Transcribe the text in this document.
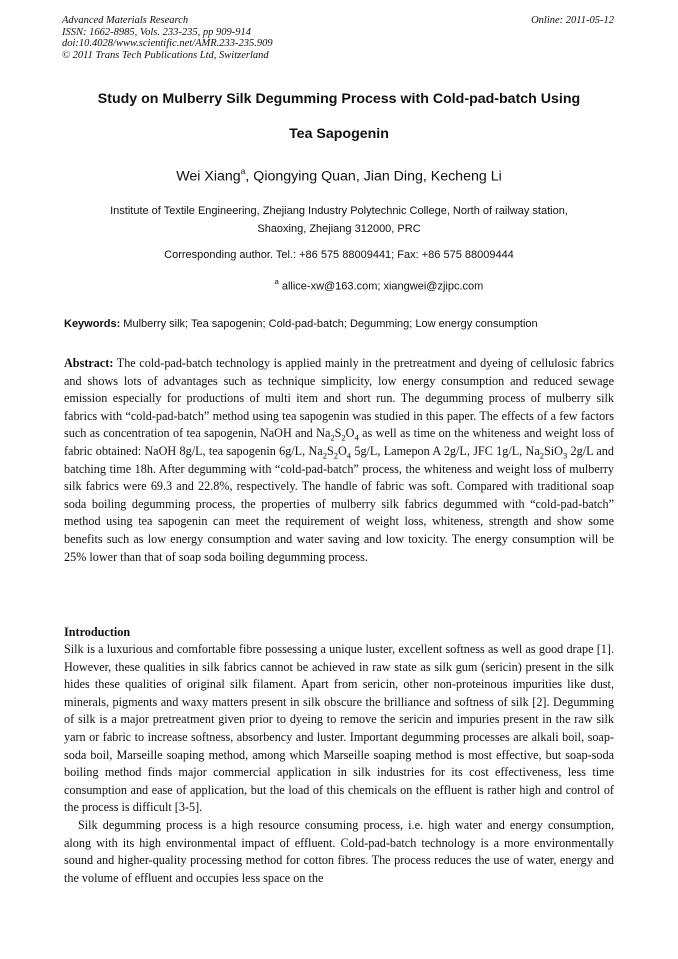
Advanced Materials Research
ISSN: 1662-8985, Vols. 233-235, pp 909-914
doi:10.4028/www.scientific.net/AMR.233-235.909
© 2011 Trans Tech Publications Ltd, Switzerland
Online: 2011-05-12
Study on Mulberry Silk Degumming Process with Cold-pad-batch Using
Tea Sapogenin
Wei Xiang$^a$, Qiongying Quan, Jian Ding, Kecheng Li
Institute of Textile Engineering, Zhejiang Industry Polytechnic College, North of railway station,
Shaoxing, Zhejiang 312000, PRC
Corresponding author. Tel.: +86 575 88009441; Fax: +86 575 88009444
$^a$ allice-xw@163.com; xiangwei@zjipc.com
Keywords: Mulberry silk; Tea sapogenin; Cold-pad-batch; Degumming; Low energy consumption
Abstract: The cold-pad-batch technology is applied mainly in the pretreatment and dyeing of cellulosic fabrics and shows lots of advantages such as technique simplicity, low energy consumption and reduced sewage emission especially for productions of multi item and short run. The degumming process of mulberry silk fabrics with “cold-pad-batch” method using tea sapogenin was studied in this paper. The effects of a few factors such as concentration of tea sapogenin, NaOH and $Na_2S_2O_4$ as well as time on the whiteness and weight loss of fabric obtained: NaOH 8g/L, tea sapogenin 6g/L, $Na_2S_2O_4$ 5g/L, Lamepon A 2g/L, JFC 1g/L, $Na_2SiO_3$ 2g/L and batching time 18h. After degumming with “cold-pad-batch” process, the whiteness and weight loss of mulberry silk fabrics were 69.3 and 22.8%, respectively. The handle of fabric was soft. Compared with traditional soap soda boiling degumming process, the properties of mulberry silk fabrics degummed with “cold-pad-batch” method using tea sapogenin can meet the requirement of weight loss, whiteness, strength and show some benefits such as low energy consumption and water saving and low toxicity. The energy consumption will be 25% lower than that of soap soda boiling degumming process.
Introduction

Silk is a luxurious and comfortable fibre possessing a unique luster, excellent softness as well as good drape [1]. However, these qualities in silk fabrics cannot be achieved in raw state as silk gum (sericin) present in the silk hides these qualities of original silk filament. Apart from sericin, other non-proteinous impurities like dust, minerals, pigments and waxy matters present in silk obscure the brilliance and softness of silk [2]. Degumming of silk is a major pretreatment given prior to dyeing to remove the sericin and impuries present in the raw silk yarn or fabric to increase softness, absorbency and luster. Important degumming processes are alkali boil, soap-soda boil, Marseille soaping method, among which Marseille soaping method is most effective, but soap-soda boiling method finds major commercial application in silk industries for its cost effectiveness, less time consumption and ease of application, but the load of this chemicals on the effluent is rather high and control of the process is difficult [3-5].

Silk degumming process is a high resource consuming process, i.e. high water and energy consumption, along with its high environmental impact of effluent. Cold-pad-batch technology is a more environmentally sound and higher-quality processing method for cotton fibres. The process reduces the use of water, energy and the volume of effluent and occupies less space on the
